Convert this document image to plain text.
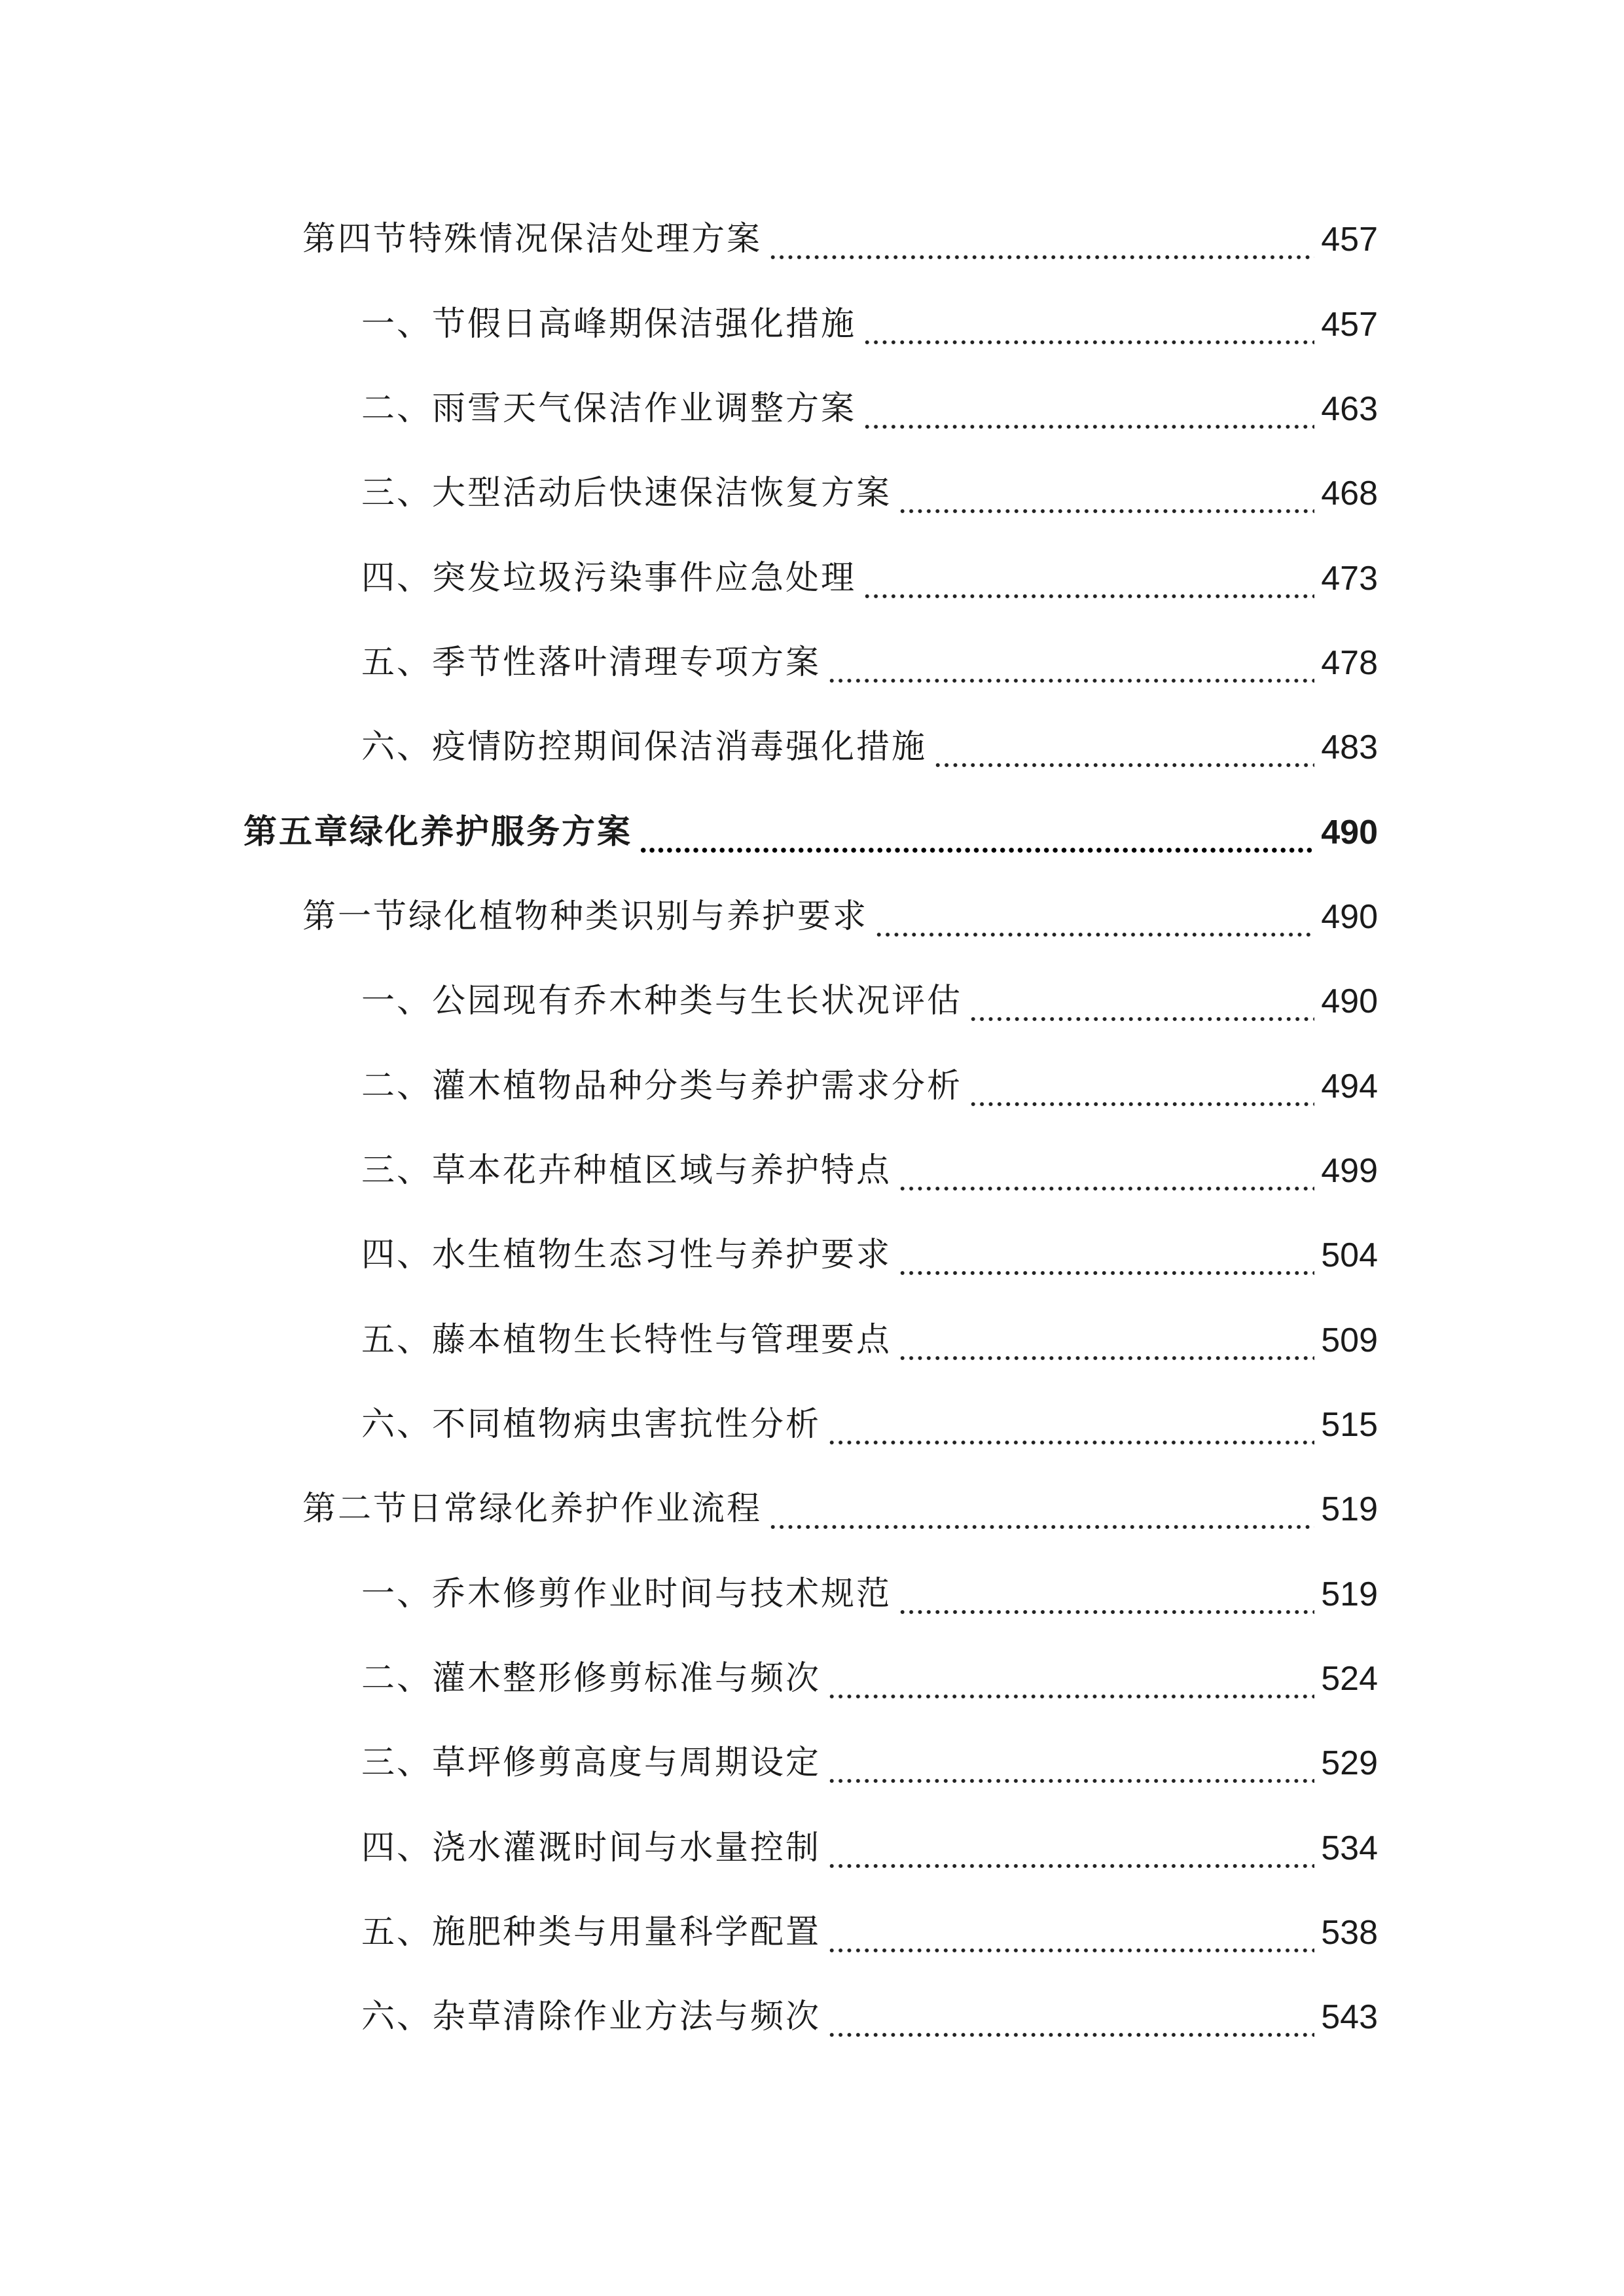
第四节特殊情况保洁处理方案	457
一、节假日高峰期保洁强化措施	457
二、雨雪天气保洁作业调整方案	463
三、大型活动后快速保洁恢复方案	468
四、突发垃圾污染事件应急处理	473
五、季节性落叶清理专项方案	478
六、疫情防控期间保洁消毒强化措施	483
第五章绿化养护服务方案	490
第一节绿化植物种类识别与养护要求	490
一、公园现有乔木种类与生长状况评估	490
二、灌木植物品种分类与养护需求分析	494
三、草本花卉种植区域与养护特点	499
四、水生植物生态习性与养护要求	504
五、藤本植物生长特性与管理要点	509
六、不同植物病虫害抗性分析	515
第二节日常绿化养护作业流程	519
一、乔木修剪作业时间与技术规范	519
二、灌木整形修剪标准与频次	524
三、草坪修剪高度与周期设定	529
四、浇水灌溉时间与水量控制	534
五、施肥种类与用量科学配置	538
六、杂草清除作业方法与频次	543
